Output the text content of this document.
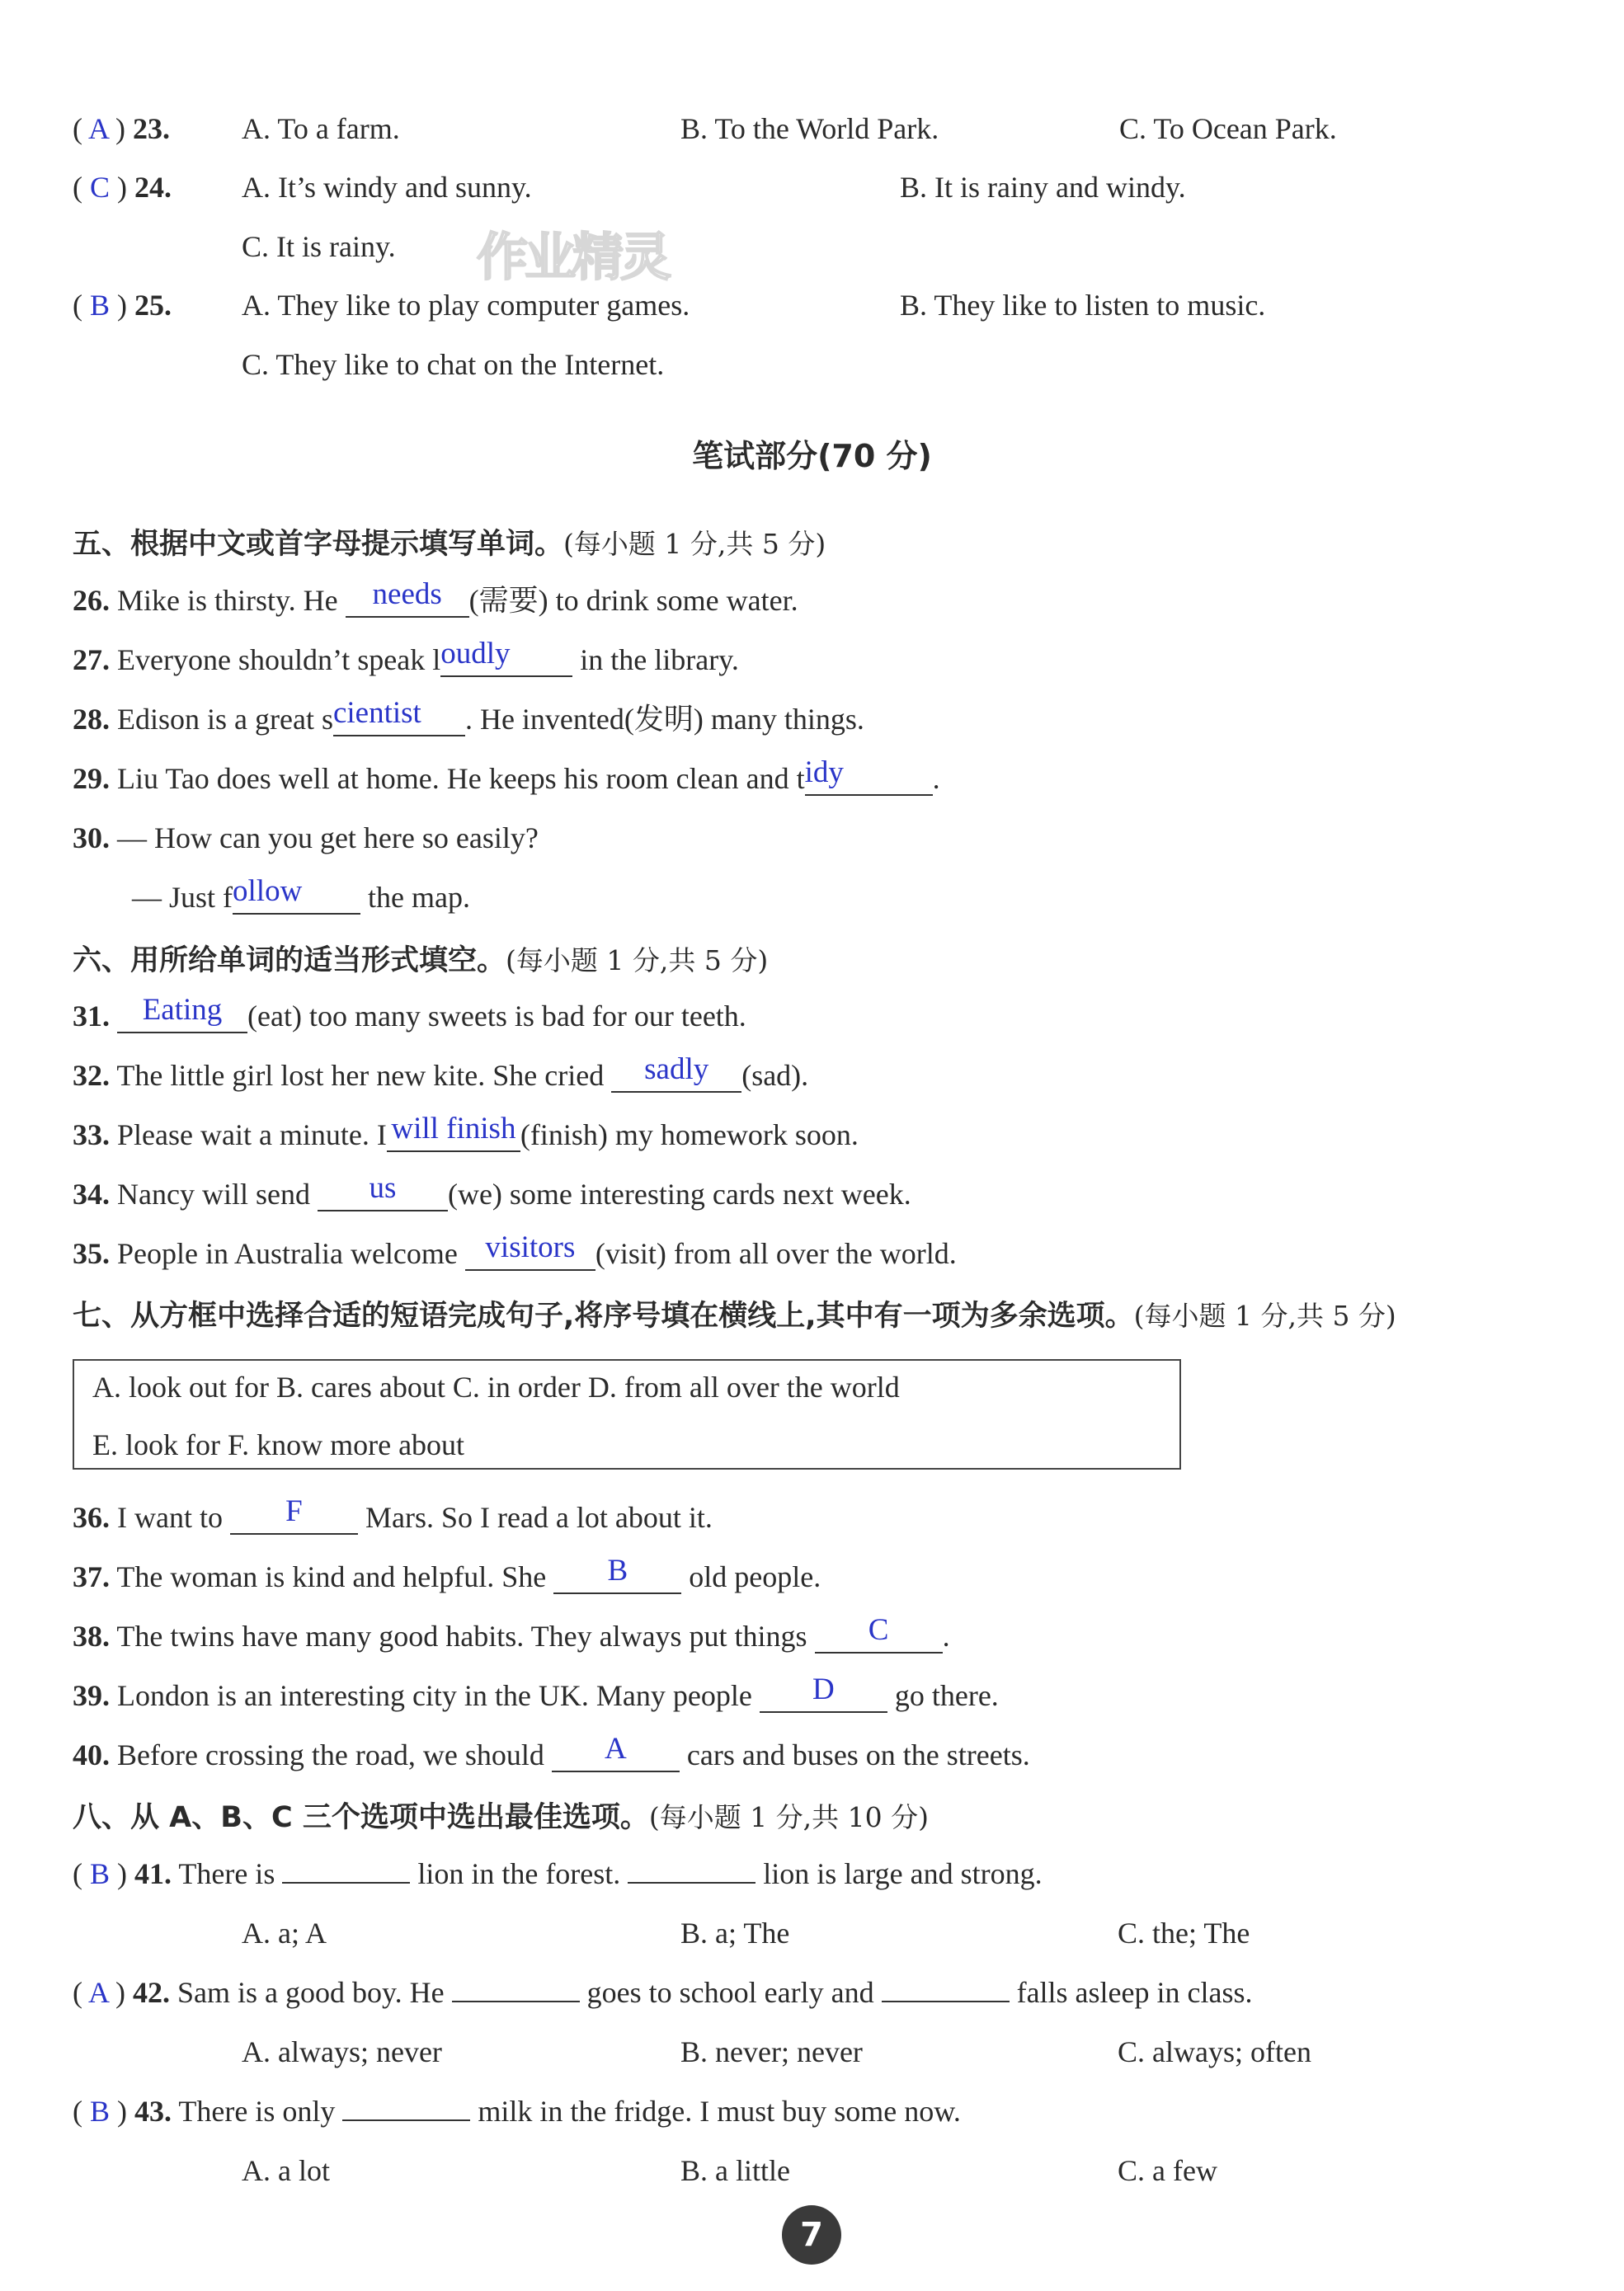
( A ) 23. A. To a farm.	B. To the World Park.	C. To Ocean Park.
( C ) 24. A. It’s windy and sunny.	B. It is rainy and windy.
C. It is rainy. 作业精灵
( B ) 25. A. They like to play computer games.	B. They like to listen to music.
C. They like to chat on the Internet.
笔试部分(70 分)
五、根据中文或首字母提示填写单词。(每小题 1 分,共 5 分)
26. Mike is thirsty. He needs (需要) to drink some water.
27. Everyone shouldn’t speak loudly in the library.
28. Edison is a great scientist . He invented(发明) many things.
29. Liu Tao does well at home. He keeps his room clean and tidy	.
30. — How can you get here so easily?
— Just follow the map.
六、用所给单词的适当形式填空。(每小题 1 分,共 5 分)
31. Eating (eat) too many sweets is bad for our teeth.
32. The little girl lost her new kite. She cried sadly (sad).
33. Please wait a minute. I will finish (finish) my homework soon.
34. Nancy will send us (we) some interesting cards next week.
35. People in Australia welcome visitors (visit) from all over the world.
七、从方框中选择合适的短语完成句子,将序号填在横线上,其中有一项为多余选项。(每小题 1 分,共 5 分)
A. look out for B. cares about C. in order D. from all over the world
E. look for F. know more about
36. I want to F Mars. So I read a lot about it.
37. The woman is kind and helpful. She B old people.
38. The twins have many good habits. They always put things C .
39. London is an interesting city in the UK. Many people D go there.
40. Before crossing the road, we should A cars and buses on the streets.
八、从 A、B、C 三个选项中选出最佳选项。(每小题 1 分,共 10 分)
( B ) 41. There is	lion in the forest.	lion is large and strong.
A. a; A	B. a; The	C. the; The
( A ) 42. Sam is a good boy. He	goes to school early and	falls asleep in class.
A. always; never	B. never; never	C. always; often
( B ) 43. There is only	milk in the fridge. I must buy some now.
A. a lot	B. a little	C. a few
7
